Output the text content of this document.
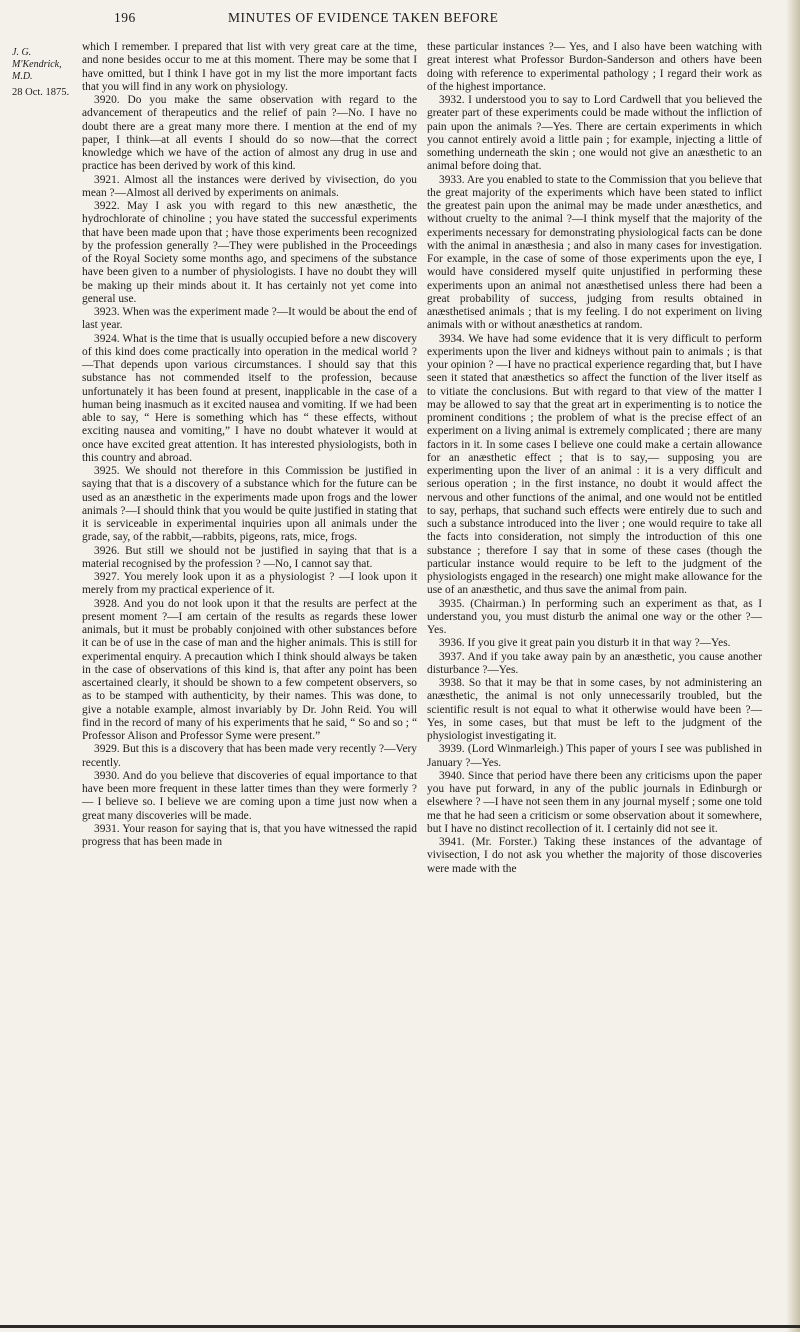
196	MINUTES OF EVIDENCE TAKEN BEFORE
J. G.
M'Kendrick,
M.D.
28 Oct. 1875.

which I remember. I prepared that list with very great care at the time, and none besides occur to me at this moment. There may be some that I have omitted, but I think I have got in my list the more important facts that you will find in any work on physiology.

3920. Do you make the same observation with regard to the advancement of therapeutics and the relief of pain ?—No. I have no doubt there are a great many more there. I mention at the end of my paper, I think—at all events I should do so now—that the correct knowledge which we have of the action of almost any drug in use and practice has been derived by work of this kind.

3921. Almost all the instances were derived by vivisection, do you mean ?—Almost all derived by experiments on animals.

3922. May I ask you with regard to this new anæsthetic, the hydrochlorate of chinoline ; you have stated the successful experiments that have been made upon that ; have those experiments been recognized by the profession generally ?—They were published in the Proceedings of the Royal Society some months ago, and specimens of the substance have been given to a number of physiologists. I have no doubt they will be making up their minds about it. It has certainly not yet come into general use.

3923. When was the experiment made ?—It would be about the end of last year.

3924. What is the time that is usually occupied before a new discovery of this kind does come practically into operation in the medical world ?—That depends upon various circumstances. I should say that this substance has not commended itself to the profession, because unfortunately it has been found at present, inapplicable in the case of a human being inasmuch as it excited nausea and vomiting. If we had been able to say, “ Here is something which has “ these effects, without exciting nausea and vomiting,” I have no doubt whatever it would at once have excited great attention. It has interested physiologists, both in this country and abroad.

3925. We should not therefore in this Commission be justified in saying that that is a discovery of a substance which for the future can be used as an anæsthetic in the experiments made upon frogs and the lower animals ?—I should think that you would be quite justified in stating that it is serviceable in experimental inquiries upon all animals under the grade, say, of the rabbit,—rabbits, pigeons, rats, mice, frogs.

3926. But still we should not be justified in saying that that is a material recognised by the profession ? —No, I cannot say that.

3927. You merely look upon it as a physiologist ? —I look upon it merely from my practical experience of it.

3928. And you do not look upon it that the results are perfect at the present moment ?—I am certain of the results as regards these lower animals, but it must be probably conjoined with other substances before it can be of use in the case of man and the higher animals. This is still for experimental enquiry. A precaution which I think should always be taken in the case of observations of this kind is, that after any point has been ascertained clearly, it should be shown to a few competent observers, so as to be stamped with authenticity, by their names. This was done, to give a notable example, almost invariably by Dr. John Reid. You will find in the record of many of his experiments that he said, “ So and so ; “ Professor Alison and Professor Syme were present.”

3929. But this is a discovery that has been made very recently ?—Very recently.

3930. And do you believe that discoveries of equal importance to that have been more frequent in these latter times than they were formerly ? — I believe so. I believe we are coming upon a time just now when a great many discoveries will be made.

3931. Your reason for saying that is, that you have witnessed the rapid progress that has been made in

these particular instances ?— Yes, and I also have been watching with great interest what Professor Burdon-Sanderson and others have been doing with reference to experimental pathology ; I regard their work as of the highest importance.

3932. I understood you to say to Lord Cardwell that you believed the greater part of these experiments could be made without the infliction of pain upon the animals ?—Yes. There are certain experiments in which you cannot entirely avoid a little pain ; for example, injecting a little of something underneath the skin ; one would not give an anæsthetic to an animal before doing that.

3933. Are you enabled to state to the Commission that you believe that the great majority of the experiments which have been stated to inflict the greatest pain upon the animal may be made under anæsthetics, and without cruelty to the animal ?—I think myself that the majority of the experiments necessary for demonstrating physiological facts can be done with the animal in anæsthesia ; and also in many cases for investigation. For example, in the case of some of those experiments upon the eye, I would have considered myself quite unjustified in performing these experiments upon an animal not anæsthetised unless there had been a great probability of success, judging from results obtained in anæsthetised animals ; that is my feeling. I do not experiment on living animals with or without anæsthetics at random.

3934. We have had some evidence that it is very difficult to perform experiments upon the liver and kidneys without pain to animals ; is that your opinion ? —I have no practical experience regarding that, but I have seen it stated that anæsthetics so affect the function of the liver itself as to vitiate the conclusions. But with regard to that view of the matter I may be allowed to say that the great art in experimenting is to notice the prominent conditions ; the problem of what is the precise effect of an experiment on a living animal is extremely complicated ; there are many factors in it. In some cases I believe one could make a certain allowance for an anæsthetic effect ; that is to say,— supposing you are experimenting upon the liver of an animal : it is a very difficult and serious operation ; in the first instance, no doubt it would affect the nervous and other functions of the animal, and one would not be entitled to say, perhaps, that suchand such effects were entirely due to such and such a substance introduced into the liver ; one would require to take all the facts into consideration, not simply the introduction of this one substance ; therefore I say that in some of these cases (though the particular instance would require to be left to the judgment of the physiologists engaged in the research) one might make allowance for the use of an anæsthetic, and thus save the animal from pain.

3935. (Chairman.) In performing such an experiment as that, as I understand you, you must disturb the animal one way or the other ?—Yes.

3936. If you give it great pain you disturb it in that way ?—Yes.

3937. And if you take away pain by an anæsthetic, you cause another disturbance ?—Yes.

3938. So that it may be that in some cases, by not administering an anæsthetic, the animal is not only unnecessarily troubled, but the scientific result is not equal to what it otherwise would have been ?—Yes, in some cases, but that must be left to the judgment of the physiologist investigating it.

3939. (Lord Winmarleigh.) This paper of yours I see was published in January ?—Yes.

3940. Since that period have there been any criticisms upon the paper you have put forward, in any of the public journals in Edinburgh or elsewhere ? —I have not seen them in any journal myself ; some one told me that he had seen a criticism or some observation about it somewhere, but I have no distinct recollection of it. I certainly did not see it.

3941. (Mr. Forster.) Taking these instances of the advantage of vivisection, I do not ask you whether the majority of those discoveries were made with the
